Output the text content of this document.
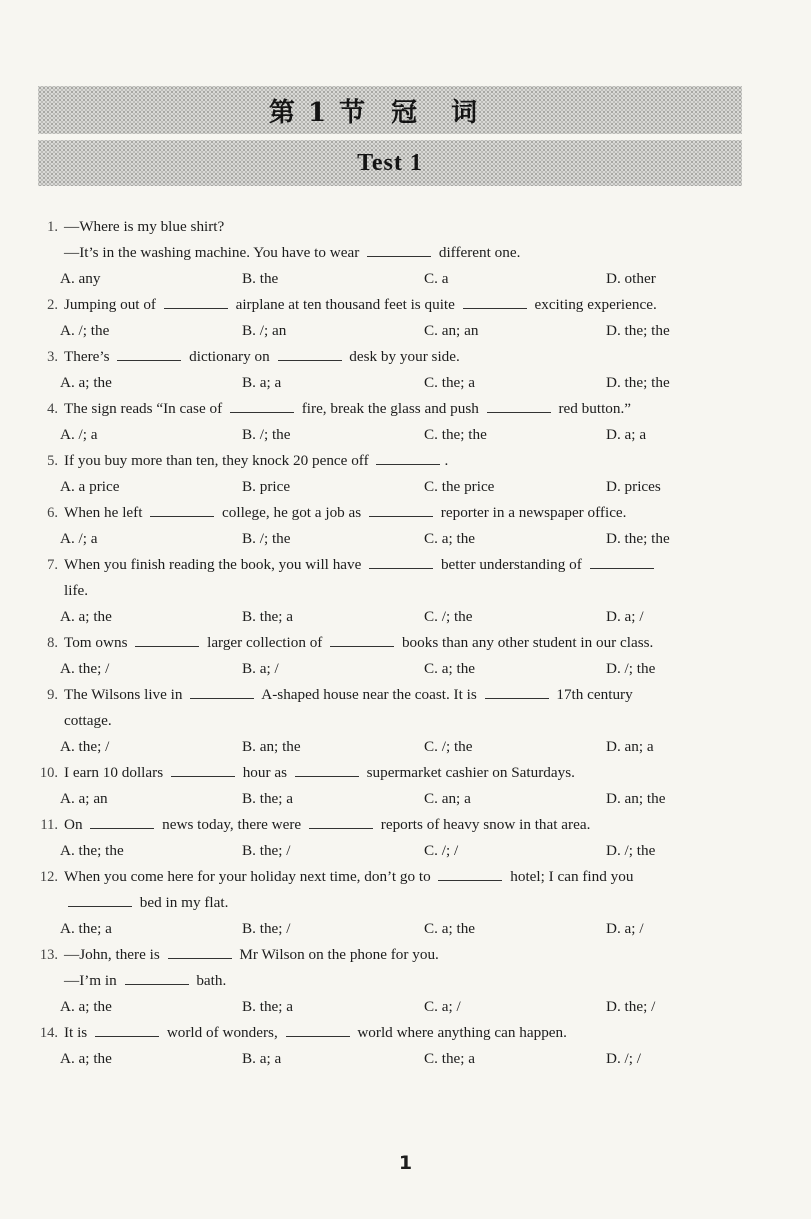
第 1 节 冠词
Test 1
1. —Where is my blue shirt?
—It’s in the washing machine. You have to wear	different one.
A. any	B. the	C. a	D. other
2. Jumping out of	airplane at ten thousand feet is quite	exciting experience.
A. /; the	B. /; an	C. an; an	D. the; the
3. There’s	dictionary on	desk by your side.
A. a; the	B. a; a	C. the; a	D. the; the
4. The sign reads “In case of	fire, break the glass and push	red button.”
A. /; a	B. /; the	C. the; the	D. a; a
5. If you buy more than ten, they knock 20 pence off	.
A. a price	B. price	C. the price	D. prices
6. When he left	college, he got a job as	reporter in a newspaper office.
A. /; a	B. /; the	C. a; the	D. the; the
7. When you finish reading the book, you will have	better understanding of
life.
A. a; the	B. the; a	C. /; the	D. a; /
8. Tom owns	larger collection of	books than any other student in our class.
A. the; /	B. a; /	C. a; the	D. /; the
9. The Wilsons live in	A-shaped house near the coast. It is	17th century
cottage.
A. the; /	B. an; the	C. /; the	D. an; a
10. I earn 10 dollars	hour as	supermarket cashier on Saturdays.
A. a; an	B. the; a	C. an; a	D. an; the
11. On	news today, there were	reports of heavy snow in that area.
A. the; the	B. the; /	C. /; /	D. /; the
12. When you come here for your holiday next time, don’t go to	hotel; I can find you
bed in my flat.
A. the; a	B. the; /	C. a; the	D. a; /
13. —John, there is	Mr Wilson on the phone for you.
—I’m in	bath.
A. a; the	B. the; a	C. a; /	D. the; /
14. It is	world of wonders,	world where anything can happen.
A. a; the	B. a; a	C. the; a	D. /; /
1
